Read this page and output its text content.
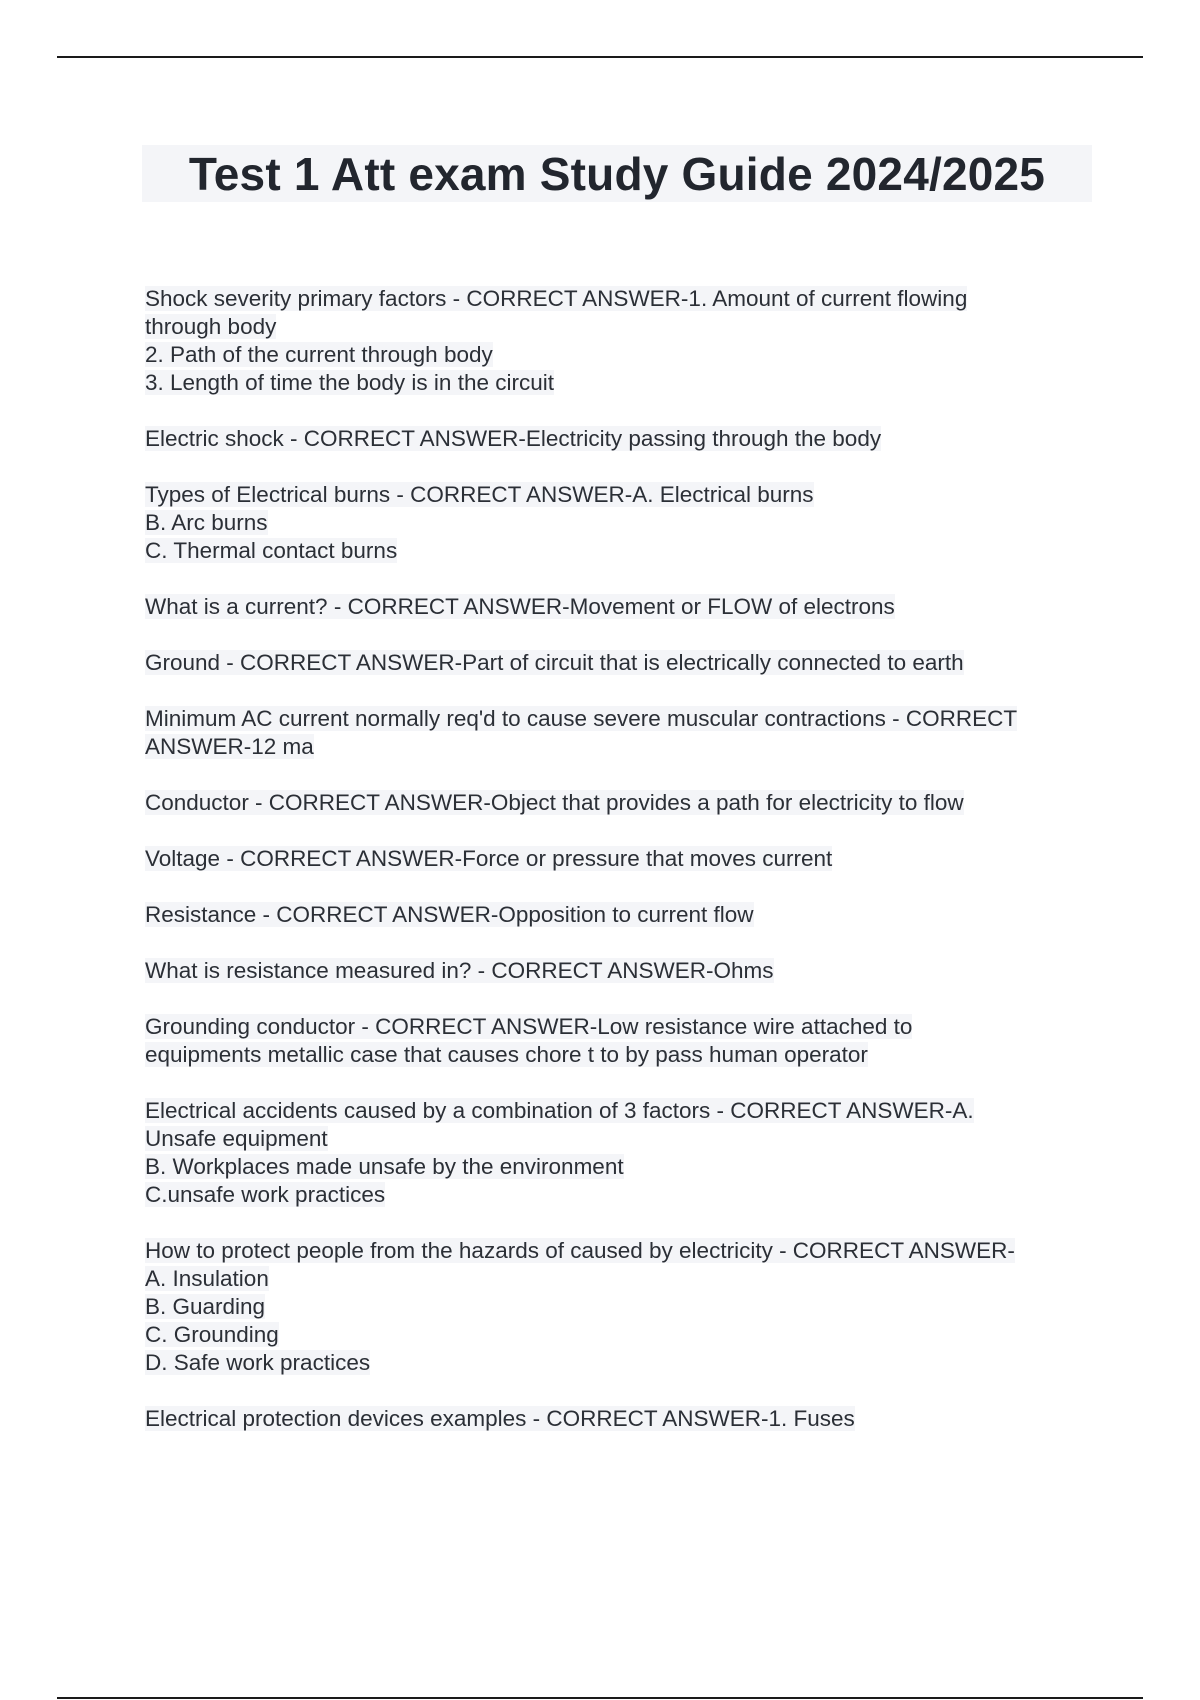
Test 1 Att exam Study Guide 2024/2025
Shock severity primary factors - CORRECT ANSWER-1. Amount of current flowing
through body
2. Path of the current through body
3. Length of time the body is in the circuit
Electric shock - CORRECT ANSWER-Electricity passing through the body
Types of Electrical burns - CORRECT ANSWER-A. Electrical burns
B. Arc burns
C. Thermal contact burns
What is a current? - CORRECT ANSWER-Movement or FLOW of electrons
Ground - CORRECT ANSWER-Part of circuit that is electrically connected to earth
Minimum AC current normally req'd to cause severe muscular contractions - CORRECT
ANSWER-12 ma
Conductor - CORRECT ANSWER-Object that provides a path for electricity to flow
Voltage - CORRECT ANSWER-Force or pressure that moves current
Resistance - CORRECT ANSWER-Opposition to current flow
What is resistance measured in? - CORRECT ANSWER-Ohms
Grounding conductor - CORRECT ANSWER-Low resistance wire attached to
equipments metallic case that causes chore t to by pass human operator
Electrical accidents caused by a combination of 3 factors - CORRECT ANSWER-A.
Unsafe equipment
B. Workplaces made unsafe by the environment
C.unsafe work practices
How to protect people from the hazards of caused by electricity - CORRECT ANSWER-
A. Insulation
B. Guarding
C. Grounding
D. Safe work practices
Electrical protection devices examples - CORRECT ANSWER-1. Fuses
